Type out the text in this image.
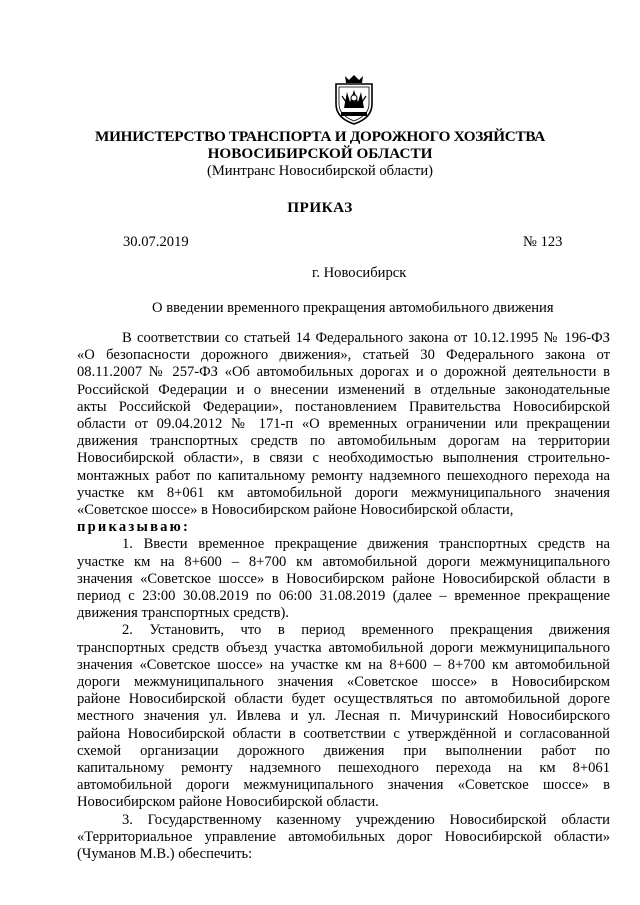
МИНИСТЕРСТВО ТРАНСПОРТА И ДОРОЖНОГО ХОЗЯЙСТВА
НОВОСИБИРСКОЙ ОБЛАСТИ
(Минтранс Новосибирской области)
ПРИКАЗ
30.07.2019	№ 123
г. Новосибирск
О введении временного прекращения автомобильного движения

В соответствии со статьей 14 Федерального закона от 10.12.1995 № 196-ФЗ

«О безопасности дорожного движения», статьей 30 Федерального закона от

08.11.2007 № 257-ФЗ «Об автомобильных дорогах и о дорожной деятельности в

Российской Федерации и о внесении изменений в отдельные законодательные

акты Российской Федерации», постановлением Правительства Новосибирской

области от 09.04.2012 № 171-п «О временных ограничении или прекращении

движения транспортных средств по автомобильным дорогам на территории

Новосибирской области», в связи с необходимостью выполнения строительно-

монтажных работ по капитальному ремонту надземного пешеходного перехода на

участке км 8+061 км автомобильной дороги межмуниципального значения

«Советское шоссе» в Новосибирском районе Новосибирской области,

приказываю:

1. Ввести временное прекращение движения транспортных средств на

участке км на 8+600 – 8+700 км автомобильной дороги межмуниципального

значения «Советское шоссе» в Новосибирском районе Новосибирской области в

период с 23:00 30.08.2019 по 06:00 31.08.2019 (далее – временное прекращение

движения транспортных средств).

2. Установить, что в период временного прекращения движения

транспортных средств объезд участка автомобильной дороги межмуниципального

значения «Советское шоссе» на участке км на 8+600 – 8+700 км автомобильной

дороги межмуниципального значения «Советское шоссе» в Новосибирском

районе Новосибирской области будет осуществляться по автомобильной дороге

местного значения ул. Ивлева и ул. Лесная п. Мичуринский Новосибирского

района Новосибирской области в соответствии с утверждённой и согласованной

схемой организации дорожного движения при выполнении работ по

капитальному ремонту надземного пешеходного перехода на км 8+061

автомобильной дороги межмуниципального значения «Советское шоссе» в

Новосибирском районе Новосибирской области.

3. Государственному казенному учреждению Новосибирской области

«Территориальное управление автомобильных дорог Новосибирской области»

(Чуманов М.В.) обеспечить:
